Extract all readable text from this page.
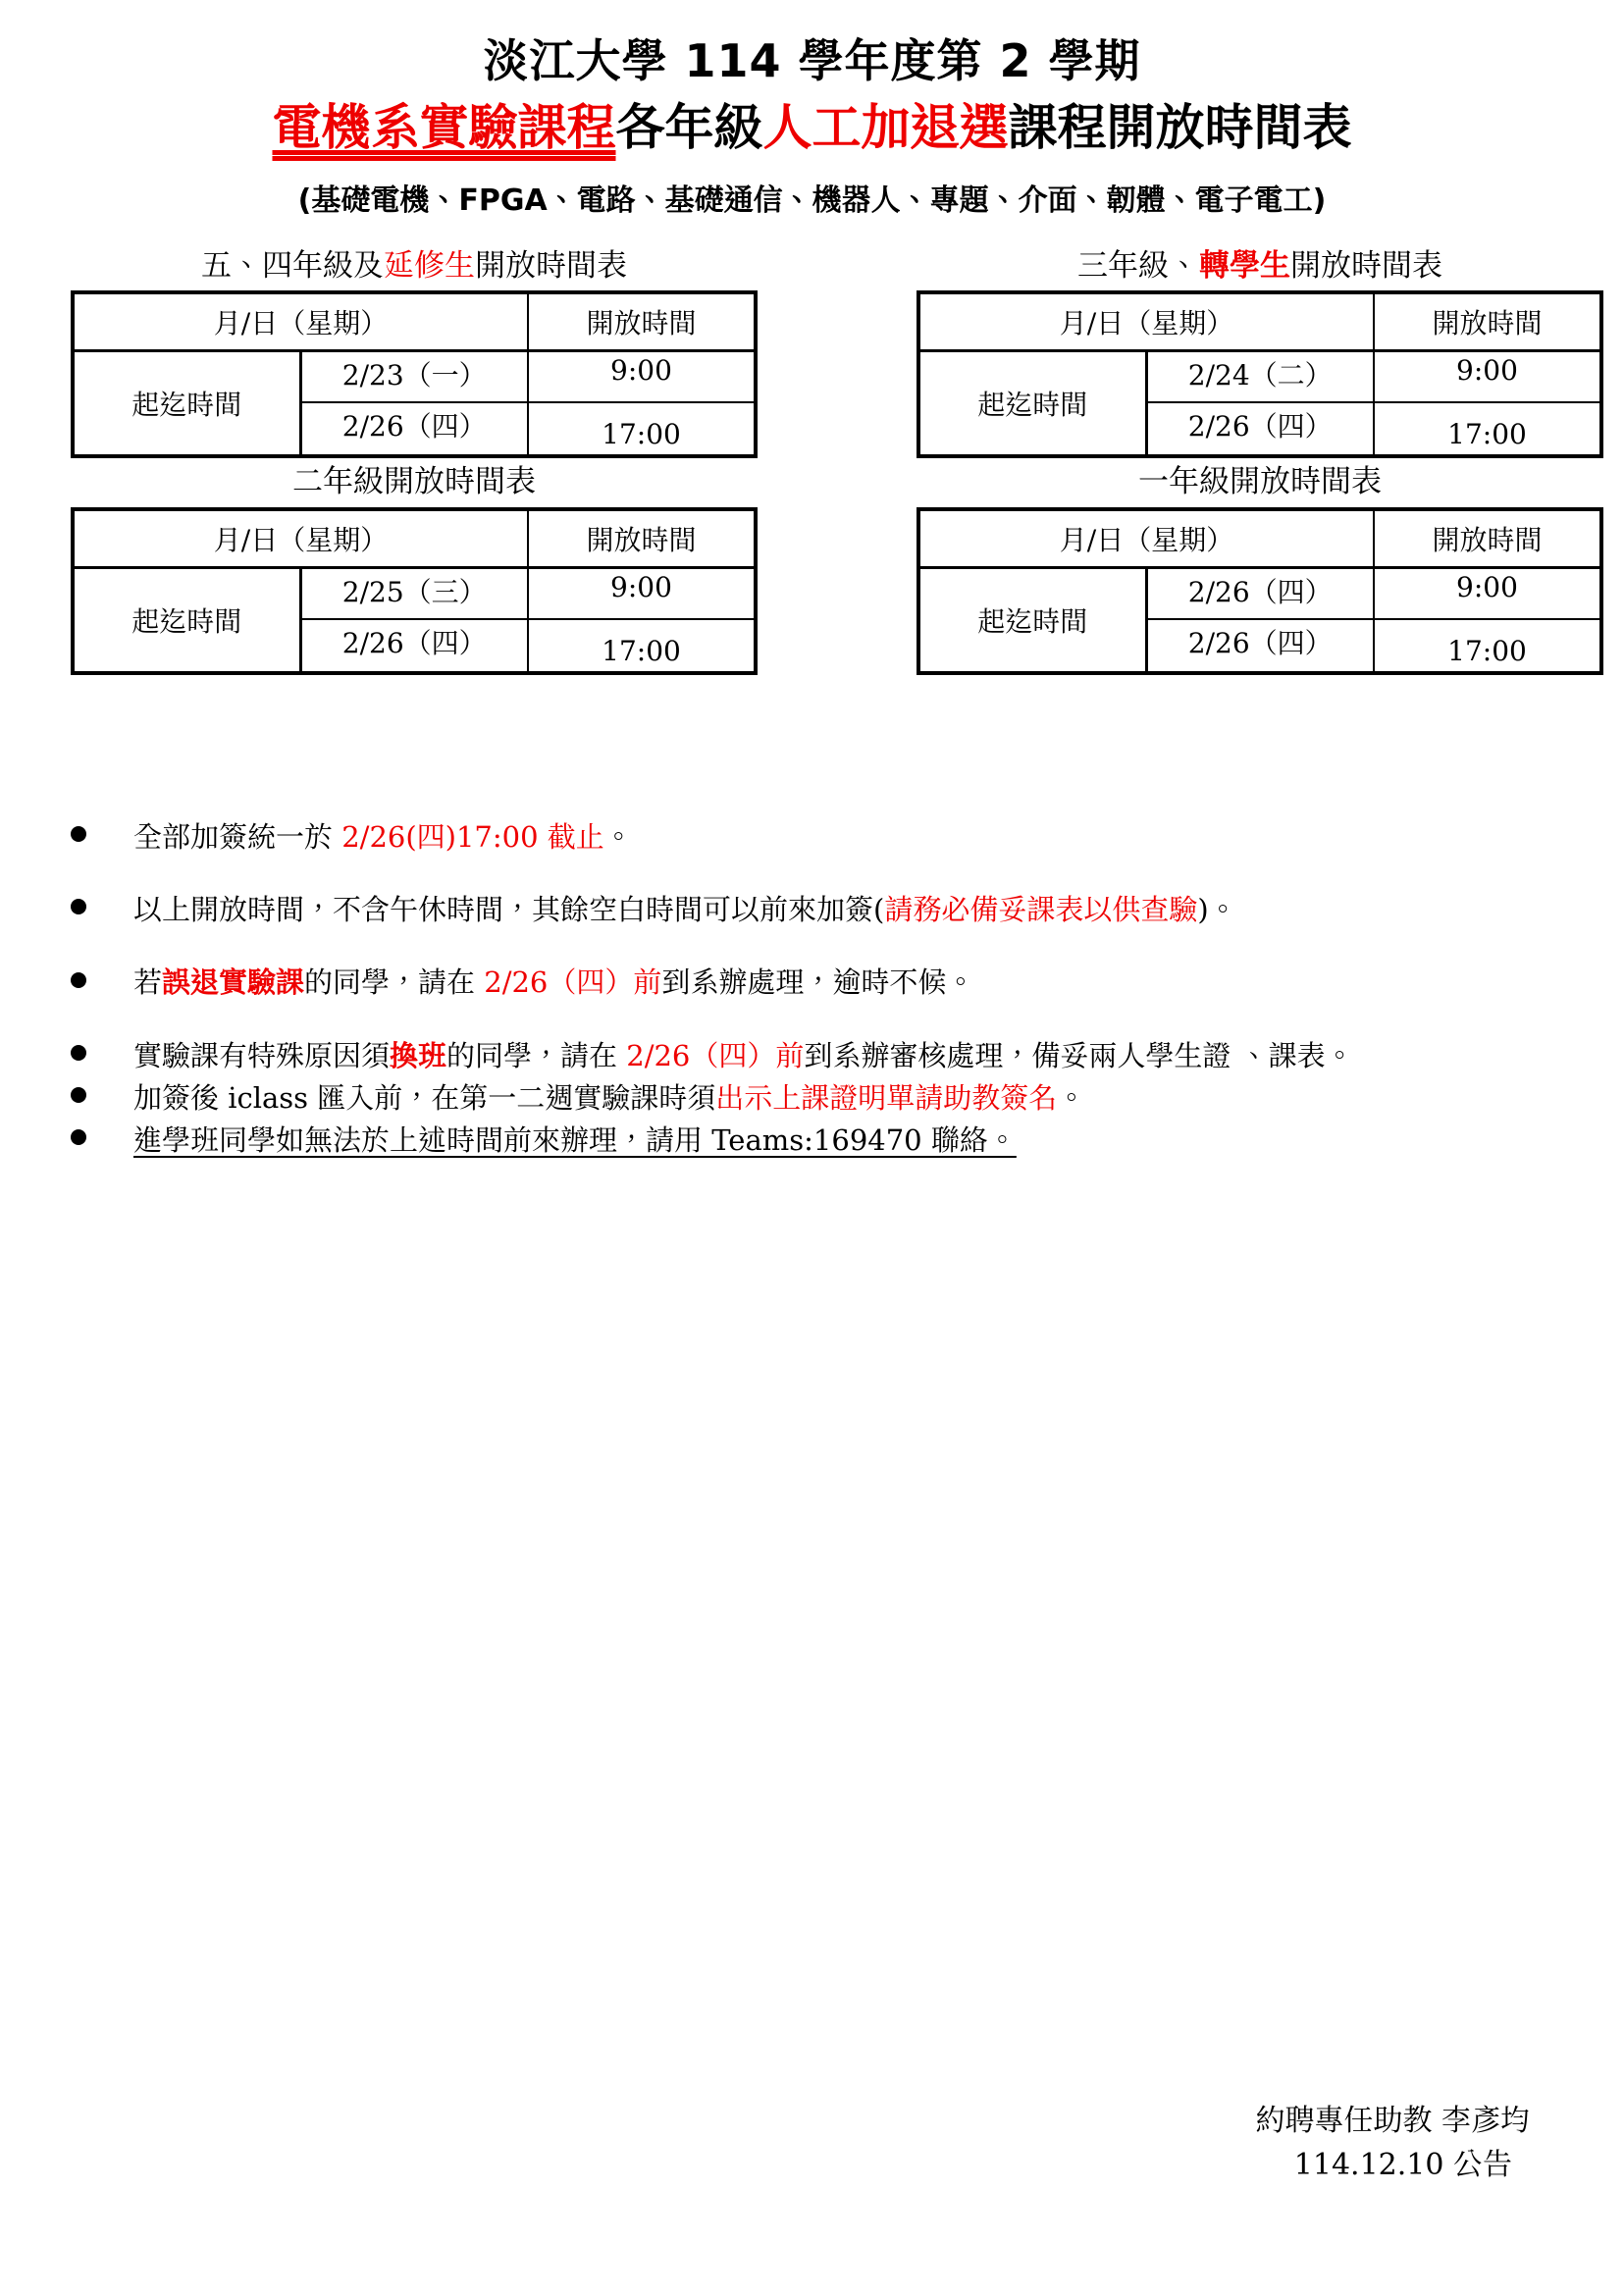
淡江大學 114 學年度第 2 學期
電機系實驗課程各年級人工加退選課程開放時間表
(基礎電機、FPGA、電路、基礎通信、機器人、專題、介面、韌體、電子電工)
五、四年級及延修生開放時間表
月/日（星期）		開放時間
起迄時間	2/23（一）	9:00
	2/26（四）	17:00
三年級、轉學生開放時間表
月/日（星期）		開放時間
起迄時間	2/24（二）	9:00
	2/26（四）	17:00
二年級開放時間表
月/日（星期）		開放時間
起迄時間	2/25（三）	9:00
	2/26（四）	17:00
一年級開放時間表
月/日（星期）		開放時間
起迄時間	2/26（四）	9:00
	2/26（四）	17:00
全部加簽統一於 2/26(四)17:00 截止。
以上開放時間，不含午休時間，其餘空白時間可以前來加簽(請務必備妥課表以供查驗)。
若誤退實驗課的同學，請在 2/26（四）前到系辦處理，逾時不候。
實驗課有特殊原因須換班的同學，請在 2/26（四）前到系辦審核處理，備妥兩人學生證 、課表。
加簽後 iclass 匯入前，在第一二週實驗課時須出示上課證明單請助教簽名。
進學班同學如無法於上述時間前來辦理，請用 Teams:169470 聯絡。
約聘專任助教 李彥均
114.12.10 公告
